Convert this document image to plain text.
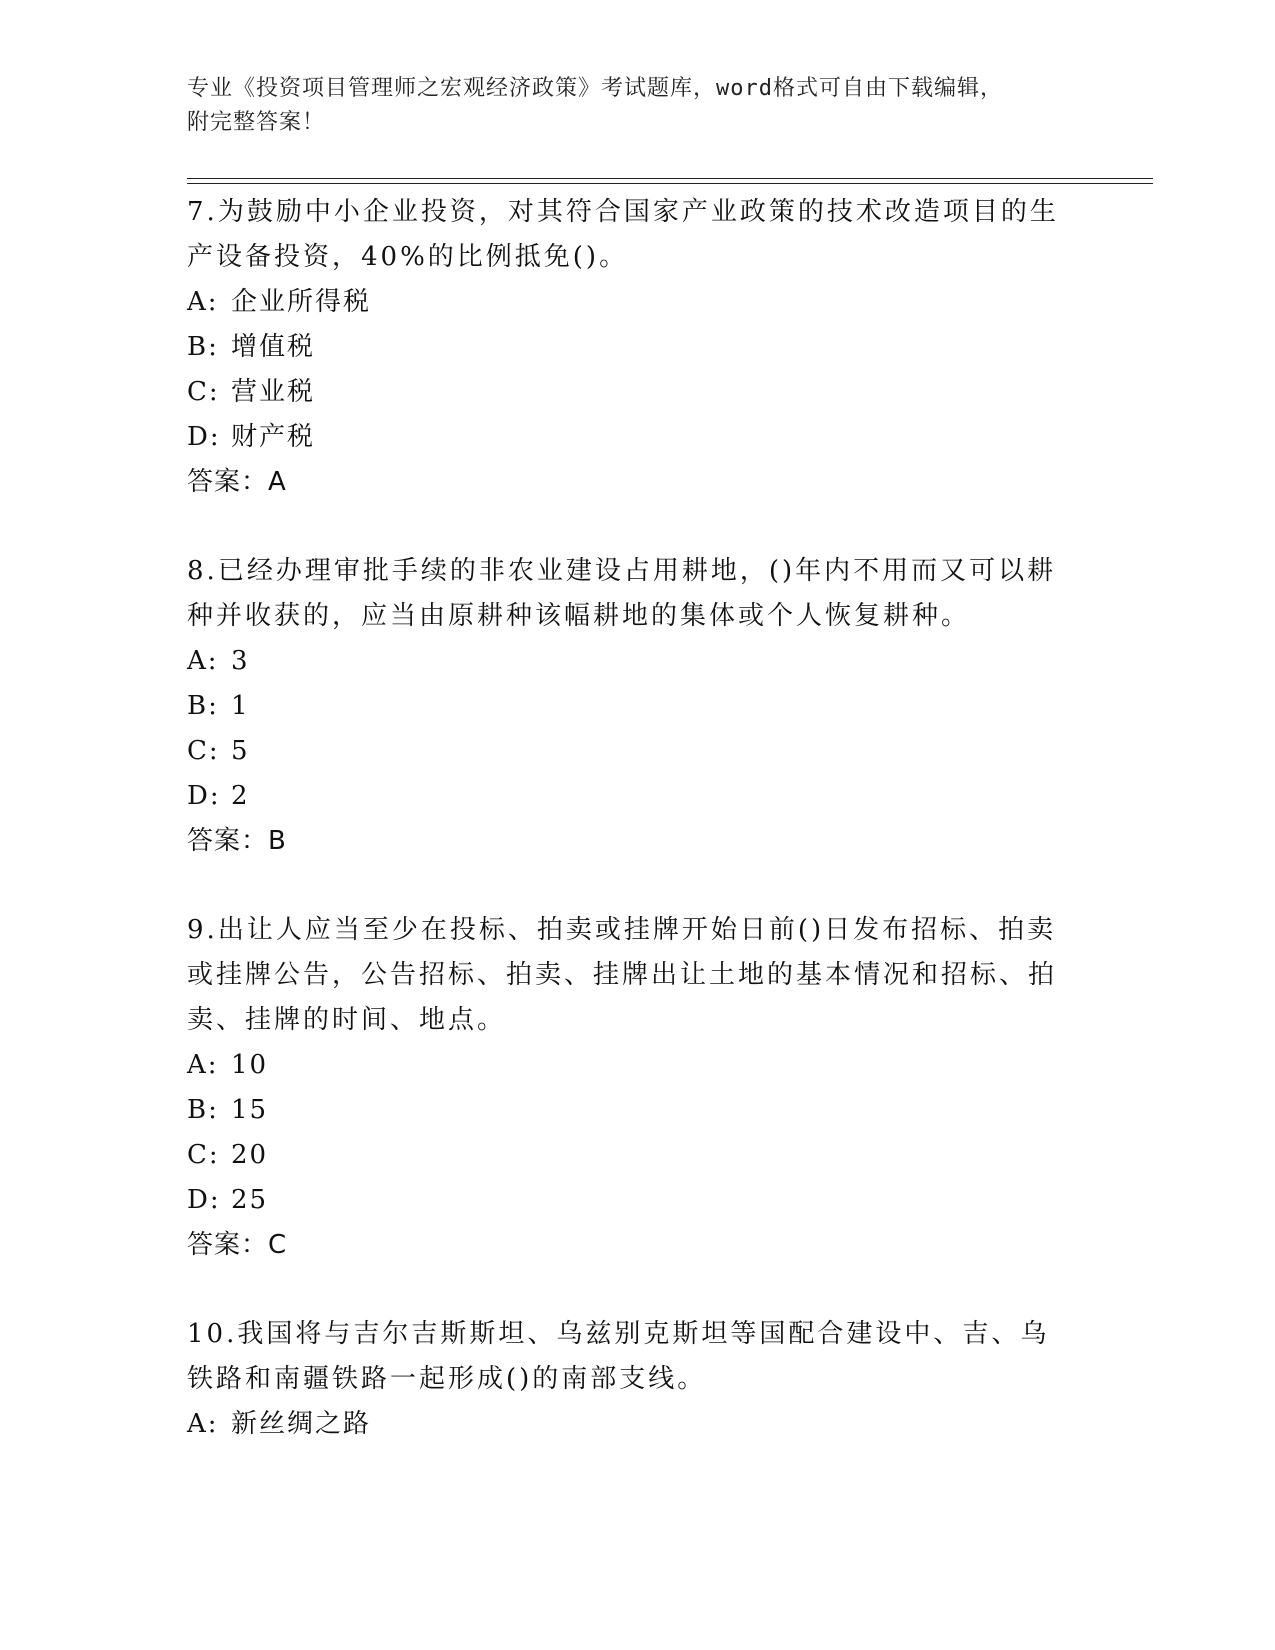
专业《投资项目管理师之宏观经济政策》考试题库，word格式可自由下载编辑，
附完整答案！

7.为鼓励中小企业投资，对其符合国家产业政策的技术改造项目的生产设备投资，40%的比例抵免()。

A: 企业所得税
B: 增值税
C: 营业税
D: 财产税
答案：A

8.已经办理审批手续的非农业建设占用耕地，()年内不用而又可以耕种并收获的，应当由原耕种该幅耕地的集体或个人恢复耕种。

A: 3
B: 1
C: 5
D: 2
答案：B

9.出让人应当至少在投标、拍卖或挂牌开始日前()日发布招标、拍卖或挂牌公告，公告招标、拍卖、挂牌出让土地的基本情况和招标、拍卖、挂牌的时间、地点。

A: 10
B: 15
C: 20
D: 25
答案：C

10.我国将与吉尔吉斯斯坦、乌兹别克斯坦等国配合建设中、吉、乌铁路和南疆铁路一起形成()的南部支线。

A: 新丝绸之路
